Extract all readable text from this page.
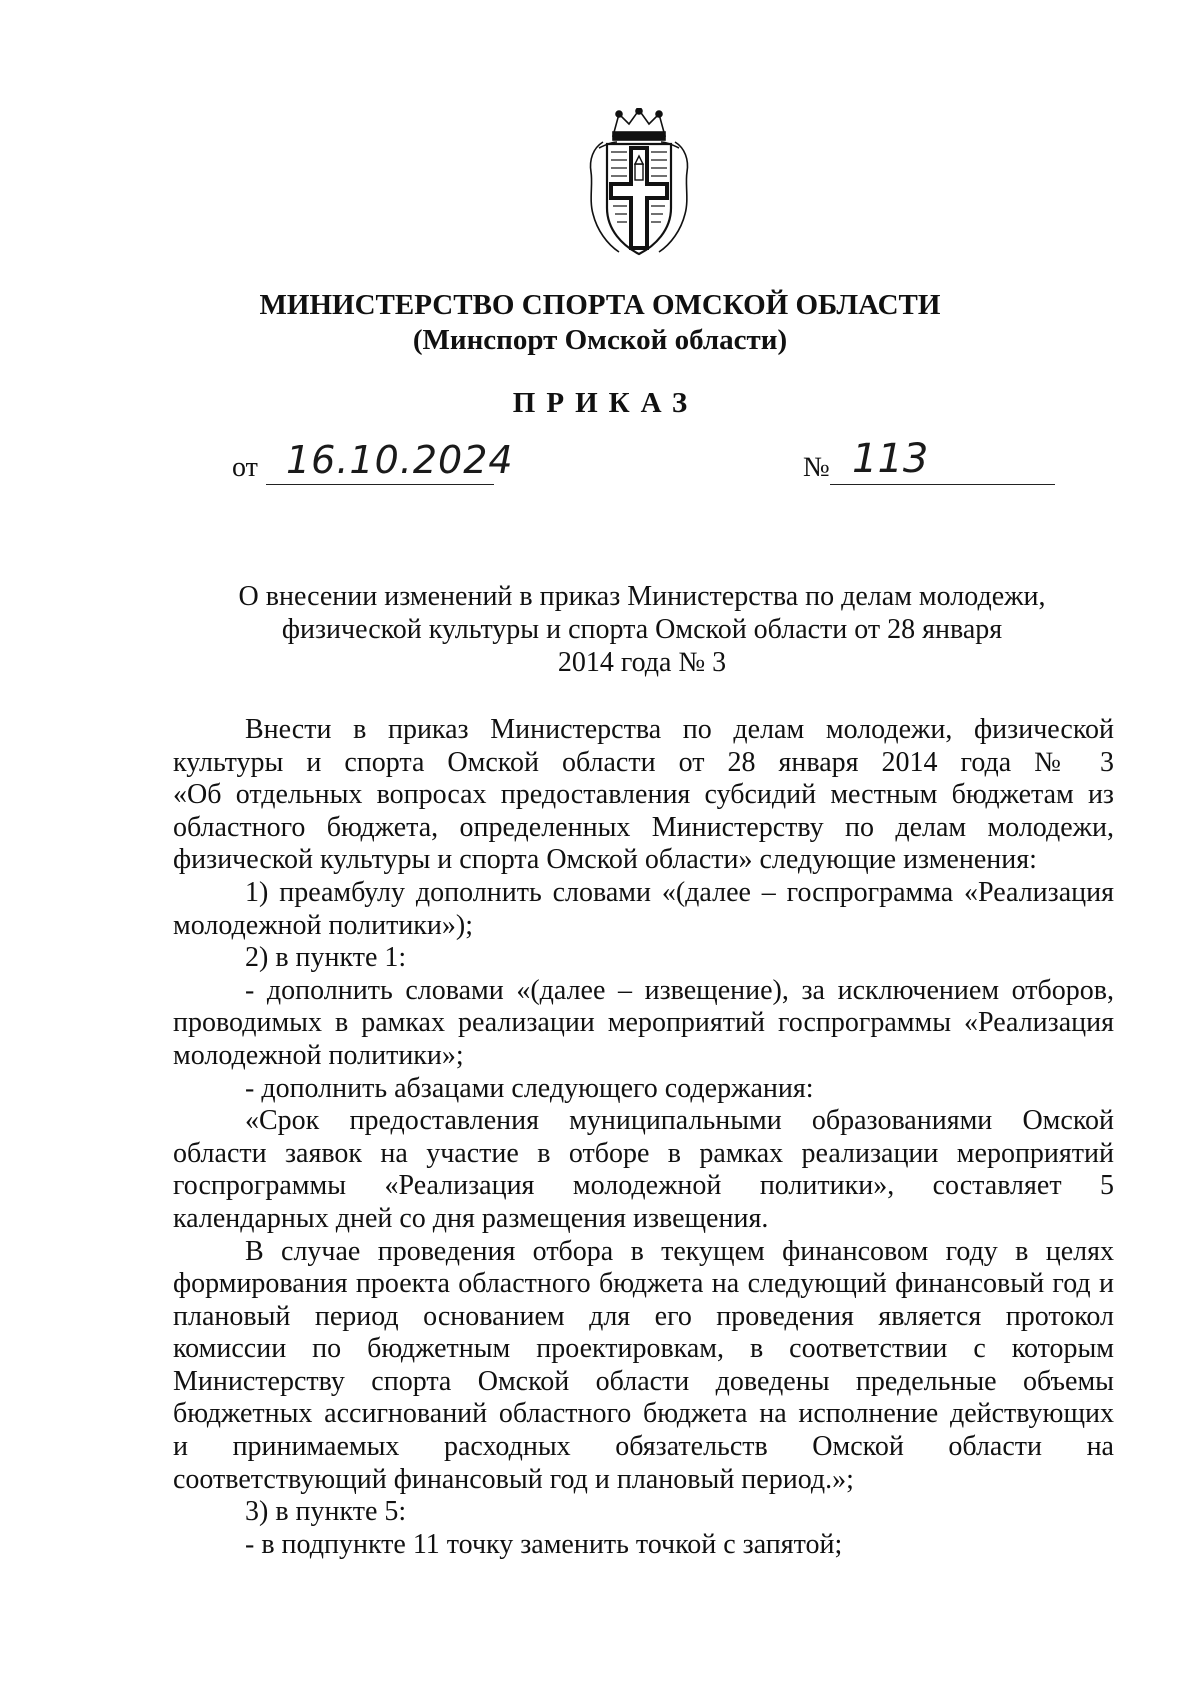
МИНИСТЕРСТВО СПОРТА ОМСКОЙ ОБЛАСТИ
(Минспорт Омской области)
ПРИКАЗ
от 16.10.2024	№ 113
О внесении изменений в приказ Министерства по делам молодежи,
физической культуры и спорта Омской области от 28 января
2014 года № 3
Внести в приказ Министерства по делам молодежи, физической
культуры и спорта Омской области от 28 января 2014 года № 3
«Об отдельных вопросах предоставления субсидий местным бюджетам из
областного бюджета, определенных Министерству по делам молодежи,
физической культуры и спорта Омской области» следующие изменения:
1) преамбулу дополнить словами «(далее – госпрограмма «Реализация
молодежной политики»);
2) в пункте 1:
- дополнить словами «(далее – извещение), за исключением отборов,
проводимых в рамках реализации мероприятий госпрограммы «Реализация
молодежной политики»;
- дополнить абзацами следующего содержания:
«Срок предоставления муниципальными образованиями Омской
области заявок на участие в отборе в рамках реализации мероприятий
госпрограммы «Реализация молодежной политики», составляет 5
календарных дней со дня размещения извещения.
В случае проведения отбора в текущем финансовом году в целях
формирования проекта областного бюджета на следующий финансовый год и
плановый период основанием для его проведения является протокол
комиссии по бюджетным проектировкам, в соответствии с которым
Министерству спорта Омской области доведены предельные объемы
бюджетных ассигнований областного бюджета на исполнение действующих
и принимаемых расходных обязательств Омской области на
соответствующий финансовый год и плановый период.»;
3) в пункте 5:
- в подпункте 11 точку заменить точкой с запятой;
